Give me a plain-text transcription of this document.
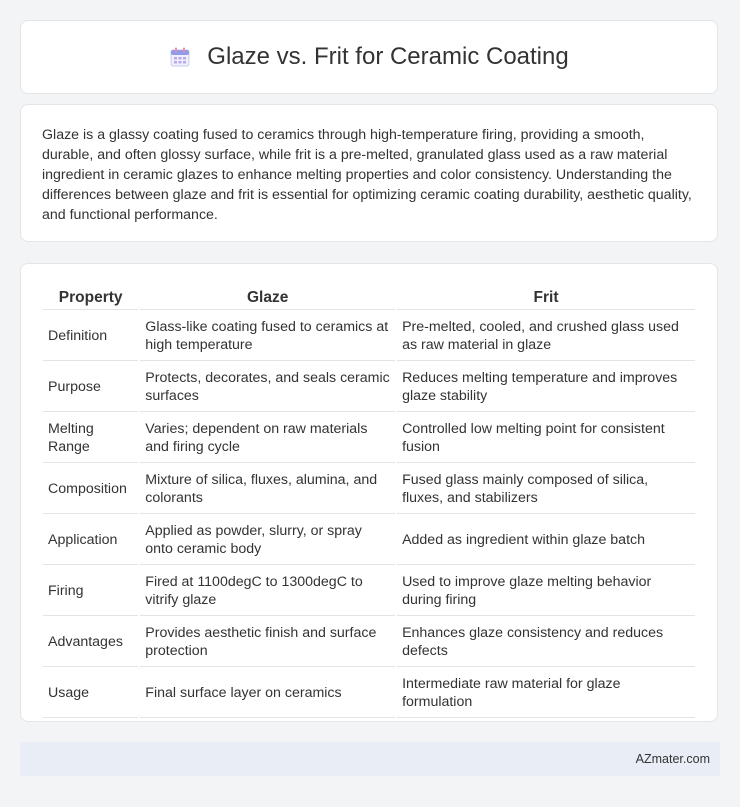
Glaze vs. Frit for Ceramic Coating
Glaze is a glassy coating fused to ceramics through high-temperature firing, providing a smooth, durable, and often glossy surface, while frit is a pre-melted, granulated glass used as a raw material ingredient in ceramic glazes to enhance melting properties and color consistency. Understanding the differences between glaze and frit is essential for optimizing ceramic coating durability, aesthetic quality, and functional performance.
Property	Glaze	Frit
Definition	Glass-like coating fused to ceramics at high temperature	Pre-melted, cooled, and crushed glass used as raw material in glaze
Purpose	Protects, decorates, and seals ceramic surfaces	Reduces melting temperature and improves glaze stability
Melting Range	Varies; dependent on raw materials and firing cycle	Controlled low melting point for consistent fusion
Composition	Mixture of silica, fluxes, alumina, and colorants	Fused glass mainly composed of silica, fluxes, and stabilizers
Application	Applied as powder, slurry, or spray onto ceramic body	Added as ingredient within glaze batch
Firing	Fired at 1100degC to 1300degC to vitrify glaze	Used to improve glaze melting behavior during firing
Advantages	Provides aesthetic finish and surface protection	Enhances glaze consistency and reduces defects
Usage	Final surface layer on ceramics	Intermediate raw material for glaze formulation
AZmater.com
